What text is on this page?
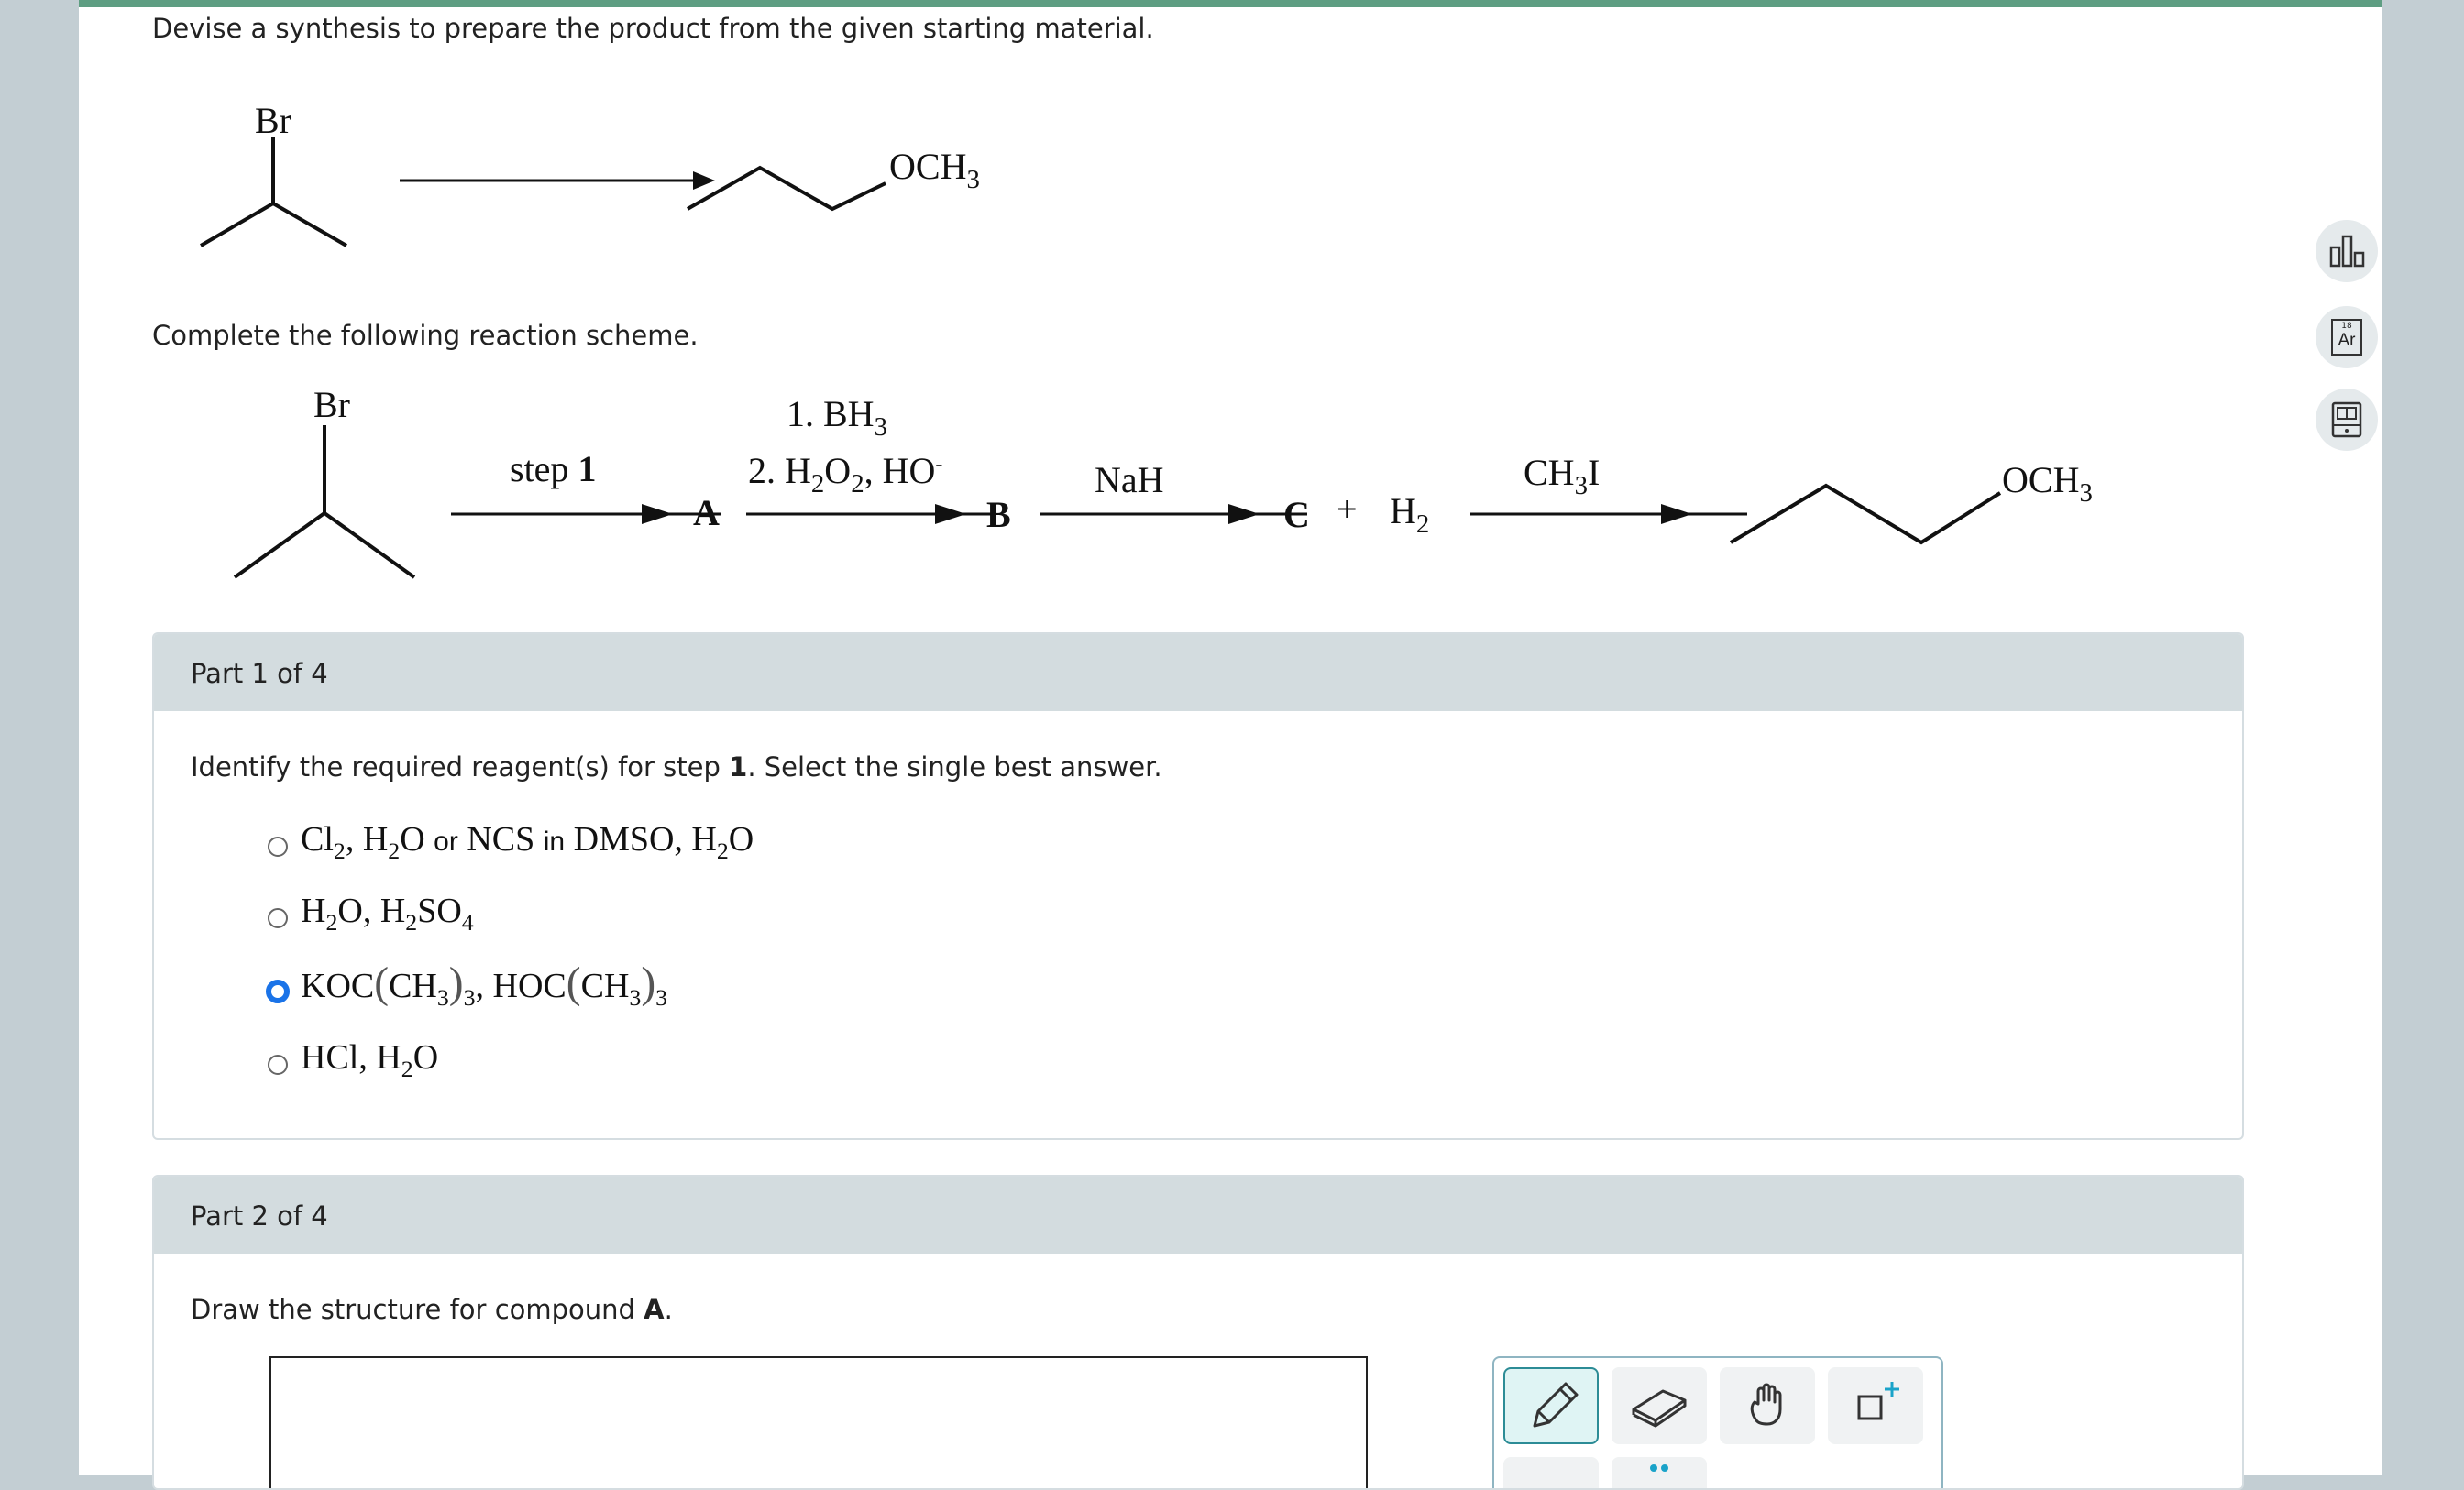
Devise a synthesis to prepare the product from the given starting material.
Br
$OCH_3$
Complete the following reaction scheme.
Br
step 1
A
1. $BH_3$
2. $H_2O_2$, HO-
B
NaH
$C + H_2$
$CH_3I$	$OCH_3$
Part 1 of 4
Identify the required reagent(s) for step 1. Select the single best answer.
$Cl_2$, $H_2O$ or NCS in DMSO, $H_2O$
$H_2O$, $H_2SO_4$
$KOC(CH_3)_3$, $HOC(CH_3)_3$
HCl, $H_2O$
Part 2 of 4
Draw the structure for compound A.
18
Ar
